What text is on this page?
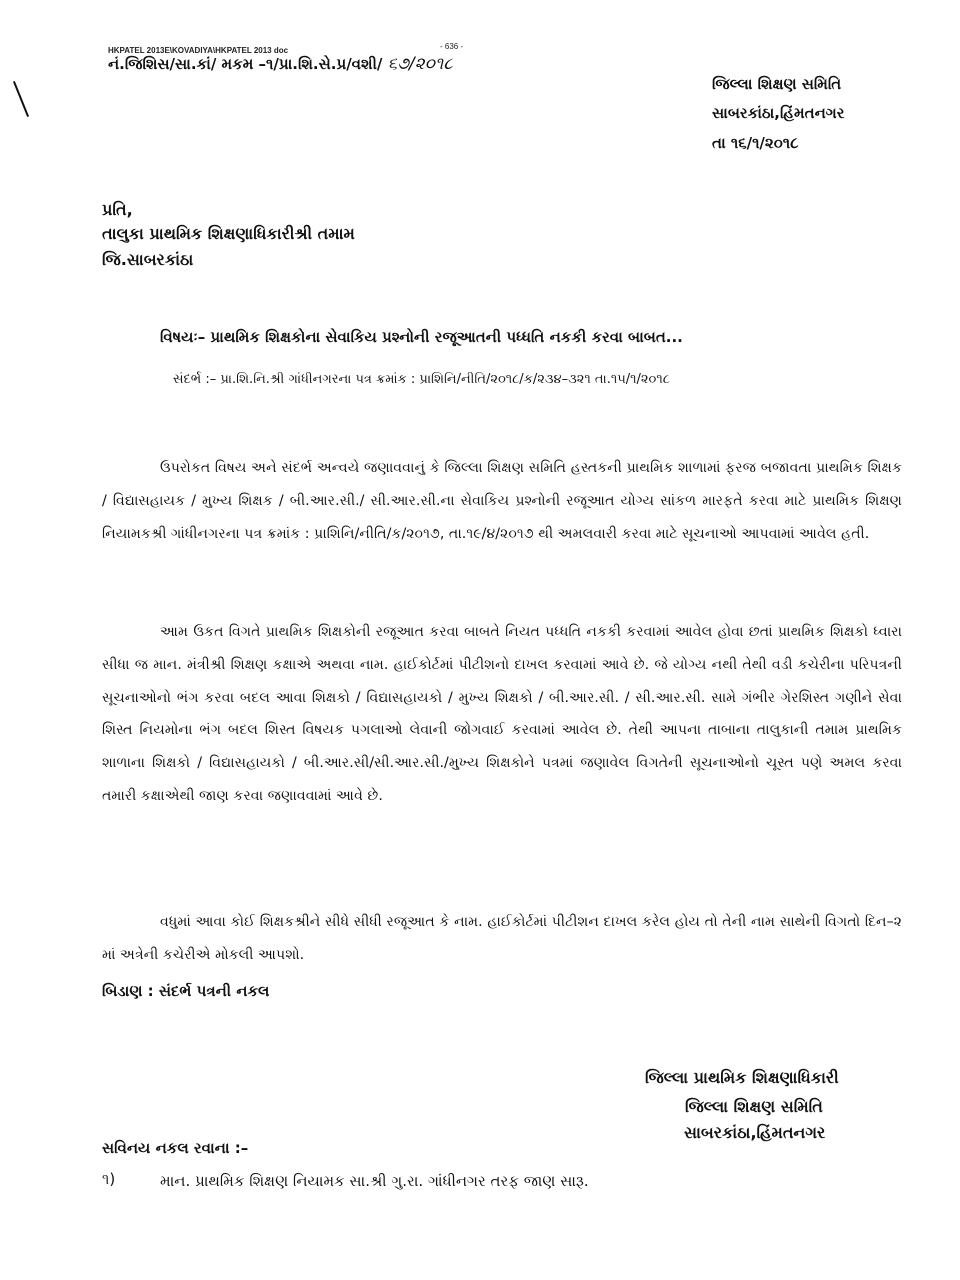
HKPATEL 2013E\KOVADIYA\HKPATEL 2013 doc	- 636 -
નં.જિશિસ/સા.કાં/ મકમ –૧/પ્રા.શિ.સે.પ્ર/વશી/ ૬૭/૨૦૧૮
જિલ્લા શિક્ષણ સમિતિ
સાબરકાંઠા,હિંમતનગર
તા ૧૬/૧/૨૦૧૮
પ્રતિ,
તાલુકા પ્રાથમિક શિક્ષણાધિકારીશ્રી તમામ
જિ.સાબરકાંઠા
વિષયઃ– પ્રાથમિક શિક્ષકોના સેવાકિય પ્રશ્નોની રજૂઆતની પધ્ધતિ નકકી કરવા બાબત...
સંદર્ભ :– પ્રા.શિ.નિ.શ્રી ગાંધીનગરના પત્ર ક્રમાંક : પ્રાશિનિ/નીતિ/૨૦૧૮/ક/૨૩૪–૩૨૧ તા.૧૫/૧/૨૦૧૮

ઉપરોકત વિષય અને સંદર્ભ અન્વયે જણાવવાનું કે જિલ્લા શિક્ષણ સમિતિ હસ્તકની પ્રાથમિક શાળામાં ફરજ બજાવતા પ્રાથમિક શિક્ષક / વિદ્યાસહાયક / મુખ્ય શિક્ષક / બી.આર.સી./ સી.આર.સી.ના સેવાકિય પ્રશ્નોની રજૂઆત યોગ્ય સાંકળ મારફતે કરવા માટે પ્રાથમિક શિક્ષણ નિયામકશ્રી ગાંધીનગરના પત્ર ક્રમાંક : પ્રાશિનિ/નીતિ/ક/૨૦૧૭, તા.૧૯/૪/૨૦૧૭ થી અમલવારી કરવા માટે સૂચનાઓ આપવામાં આવેલ હતી.

આમ ઉકત વિગતે પ્રાથમિક શિક્ષકોની રજૂઆત કરવા બાબતે નિયત પધ્ધતિ નકકી કરવામાં આવેલ હોવા છતાં પ્રાથમિક શિક્ષકો ધ્વારા સીધા જ માન. મંત્રીશ્રી શિક્ષણ કક્ષાએ અથવા નામ. હાઈકોર્ટમાં પીટીશનો દાખલ કરવામાં આવે છે. જે યોગ્ય નથી તેથી વડી કચેરીના પરિપત્રની સૂચનાઓનો ભંગ કરવા બદલ આવા શિક્ષકો / વિદ્યાસહાયકો / મુખ્ય શિક્ષકો / બી.આર.સી. / સી.આર.સી. સામે ગંભીર ગેરશિસ્ત ગણીને સેવા શિસ્ત નિયમોના ભંગ બદલ શિસ્ત વિષયક પગલાઓ લેવાની જોગવાઈ કરવામાં આવેલ છે. તેથી આપના તાબાના તાલુકાની તમામ પ્રાથમિક શાળાના શિક્ષકો / વિદ્યાસહાયકો / બી.આર.સી/સી.આર.સી./મુખ્ય શિક્ષકોને પત્રમાં જણાવેલ વિગતેની સૂચનાઓનો ચૂસ્ત પણે અમલ કરવા તમારી કક્ષાએથી જાણ કરવા જણાવવામાં આવે છે.

વધુમાં આવા કોઈ શિક્ષકશ્રીને સીધે સીધી રજૂઆત કે નામ. હાઈકોર્ટમાં પીટીશન દાખલ કરેલ હોય તો તેની નામ સાથેની વિગતો દિન–૨ માં અત્રેની કચેરીએ મોકલી આપશો.

બિડાણ : સંદર્ભ પત્રની નકલ
જિલ્લા પ્રાથમિક શિક્ષણાધિકારી
જિલ્લા શિક્ષણ સમિતિ
સાબરકાંઠા,હિંમતનગર
સવિનય નકલ રવાના :–
૧)	માન. પ્રાથમિક શિક્ષણ નિયામક સા.શ્રી ગુ.રા. ગાંધીનગર તરફ જાણ સારૂ.
